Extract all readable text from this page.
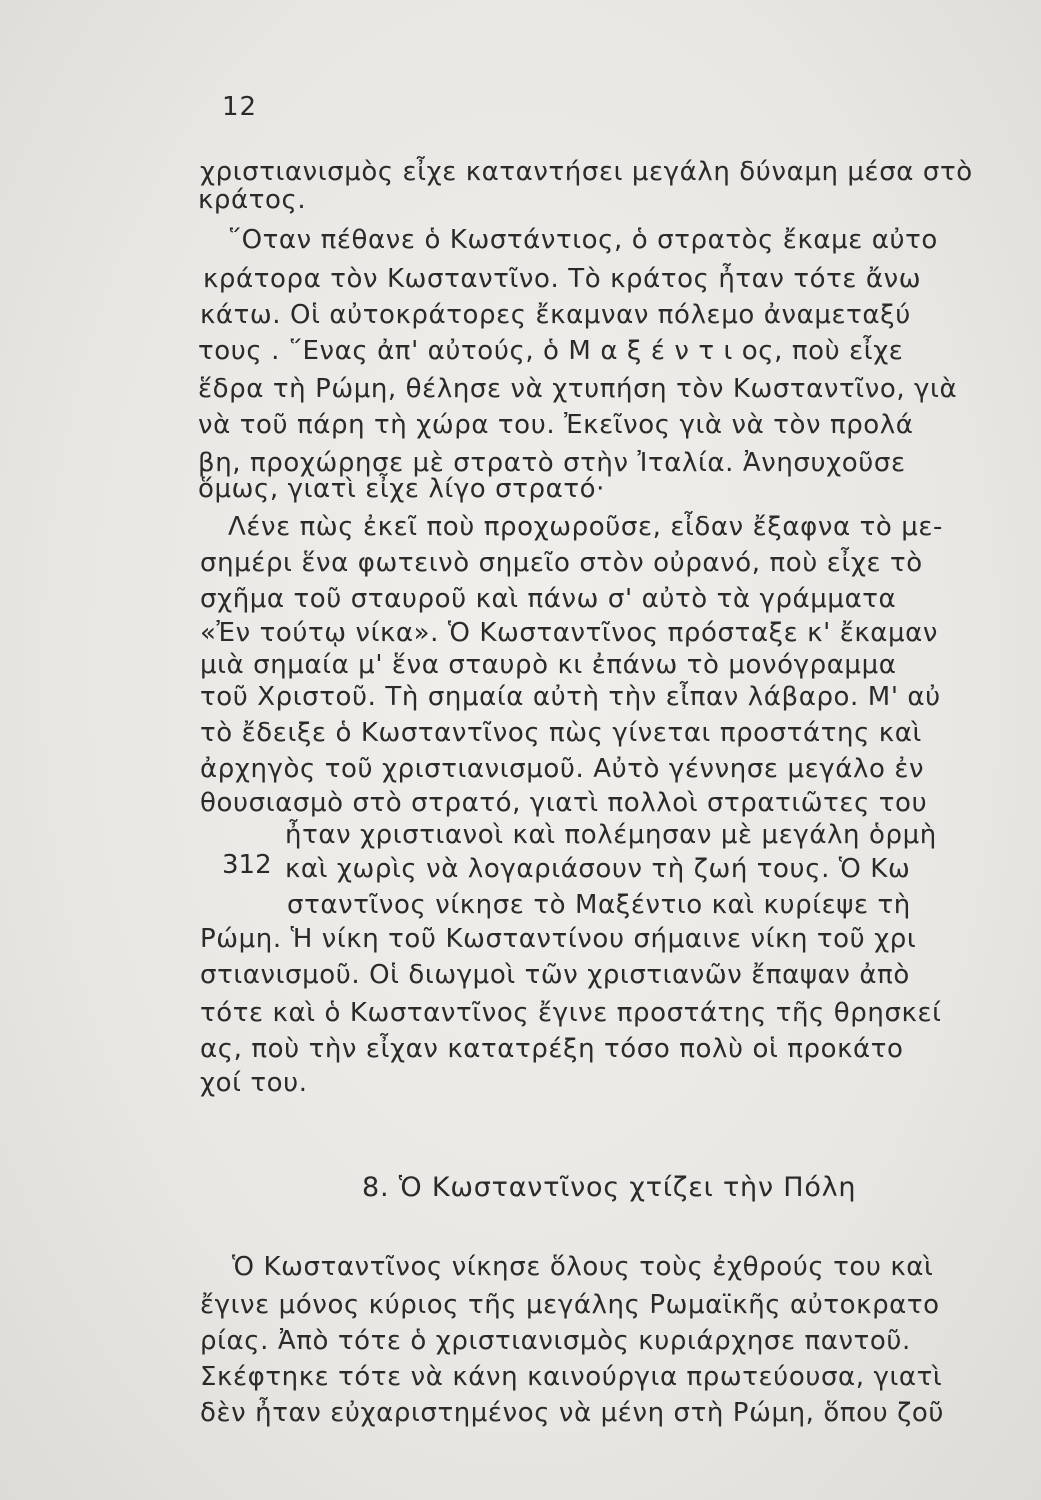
12
χριστιανισμὸς εἶχε καταντήσει μεγάλη δύναμη μέσα στὸ
κράτος.
῞Οταν πέθανε ὁ Κωστάντιος, ὁ στρατὸς ἔκαμε αὐτο
κράτορα τὸν Κωσταντῖνο. Τὸ κράτος ἦταν τότε ἄνω
κάτω. Οἱ αὐτοκράτορες ἔκαμναν πόλεμο ἀναμεταξύ
τους . ῞Ενας ἀπ' αὐτούς, ὁ Μ α ξ έ ν τ ι ος, ποὺ εἶχε
ἕδρα τὴ Ρώμη, θέλησε νὰ χτυπήση τὸν Κωσταντῖνο, γιὰ
νὰ τοῦ πάρη τὴ χώρα του. Ἐκεῖνος γιὰ νὰ τὸν προλά
βη, προχώρησε μὲ στρατὸ στὴν Ἰταλία. Ἀνησυχοῦσε
ὅμως, γιατὶ εἶχε λίγο στρατό·
Λένε πὼς ἐκεῖ ποὺ προχωροῦσε, εἶδαν ἔξαφνα τὸ με-
σημέρι ἕνα φωτεινὸ σημεῖο στὸν οὐρανό, ποὺ εἶχε τὸ
σχῆμα τοῦ σταυροῦ καὶ πάνω σ' αὐτὸ τὰ γράμματα
«Ἐν τούτῳ νίκα». Ὁ Κωσταντῖνος πρόσταξε κ' ἔκαμαν
μιὰ σημαία μ' ἕνα σταυρὸ κι ἐπάνω τὸ μονόγραμμα
τοῦ Χριστοῦ. Τὴ σημαία αὐτὴ τὴν εἶπαν λάβαρο. Μ' αὐ
τὸ ἔδειξε ὁ Κωσταντῖνος πὼς γίνεται προστάτης καὶ
ἀρχηγὸς τοῦ χριστιανισμοῦ. Αὐτὸ γέννησε μεγάλο ἐν
θουσιασμὸ στὸ στρατό, γιατὶ πολλοὶ στρατιῶτες του
ἦταν χριστιανοὶ καὶ πολέμησαν μὲ μεγάλη ὁρμὴ
καὶ χωρὶς νὰ λογαριάσουν τὴ ζωή τους. Ὁ Κω
σταντῖνος νίκησε τὸ Μαξέντιο καὶ κυρίεψε τὴ
312
Ρώμη. Ἡ νίκη τοῦ Κωσταντίνου σήμαινε νίκη τοῦ χρι
στιανισμοῦ. Οἱ διωγμοὶ τῶν χριστιανῶν ἔπαψαν ἀπὸ
τότε καὶ ὁ Κωσταντῖνος ἔγινε προστάτης τῆς θρησκεί
ας, ποὺ τὴν εἶχαν κατατρέξη τόσο πολὺ οἱ προκάτο
χοί του.
8. Ὁ Κωσταντῖνος χτίζει τὴν Πόλη
Ὁ Κωσταντῖνος νίκησε ὅλους τοὺς ἐχθρούς του καὶ
ἔγινε μόνος κύριος τῆς μεγάλης Ρωμαϊκῆς αὐτοκρατο
ρίας. Ἀπὸ τότε ὁ χριστιανισμὸς κυριάρχησε παντοῦ.
Σκέφτηκε τότε νὰ κάνη καινούργια πρωτεύουσα, γιατὶ
δὲν ἦταν εὐχαριστημένος νὰ μένη στὴ Ρώμη, ὅπου ζοῦ
